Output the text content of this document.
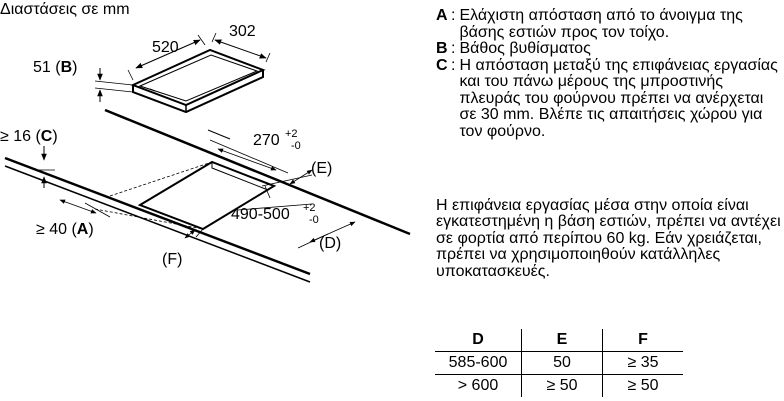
Διαστάσεις σε mm
520
302
51 (B)
270 +2
-0
(E)
490-500 +2
-0
(D)
≥ 16 (C)
≥ 40 (A)
(F)
A : Ελάχιστη απόσταση από το άνοιγμα της βάσης εστιών προς τον τοίχο.
B : Βάθος βυθίσματος
C : Η απόσταση μεταξύ της επιφάνειας εργασίας και του πάνω μέρους της μπροστινής πλευράς του φούρνου πρέπει να ανέρχεται σε 30 mm. Βλέπε τις απαιτήσεις χώρου για τον φούρνο.
Η επιφάνεια εργασίας μέσα στην οποία είναι εγκατεστημένη η βάση εστιών, πρέπει να αντέχει σε φορτία από περίπου 60 kg. Εάν χρειάζεται, πρέπει να χρησιμοποιηθούν κατάλληλες υποκατασκευές.
D	E	F
585-600	50	≥ 35
> 600	≥ 50	≥ 50
